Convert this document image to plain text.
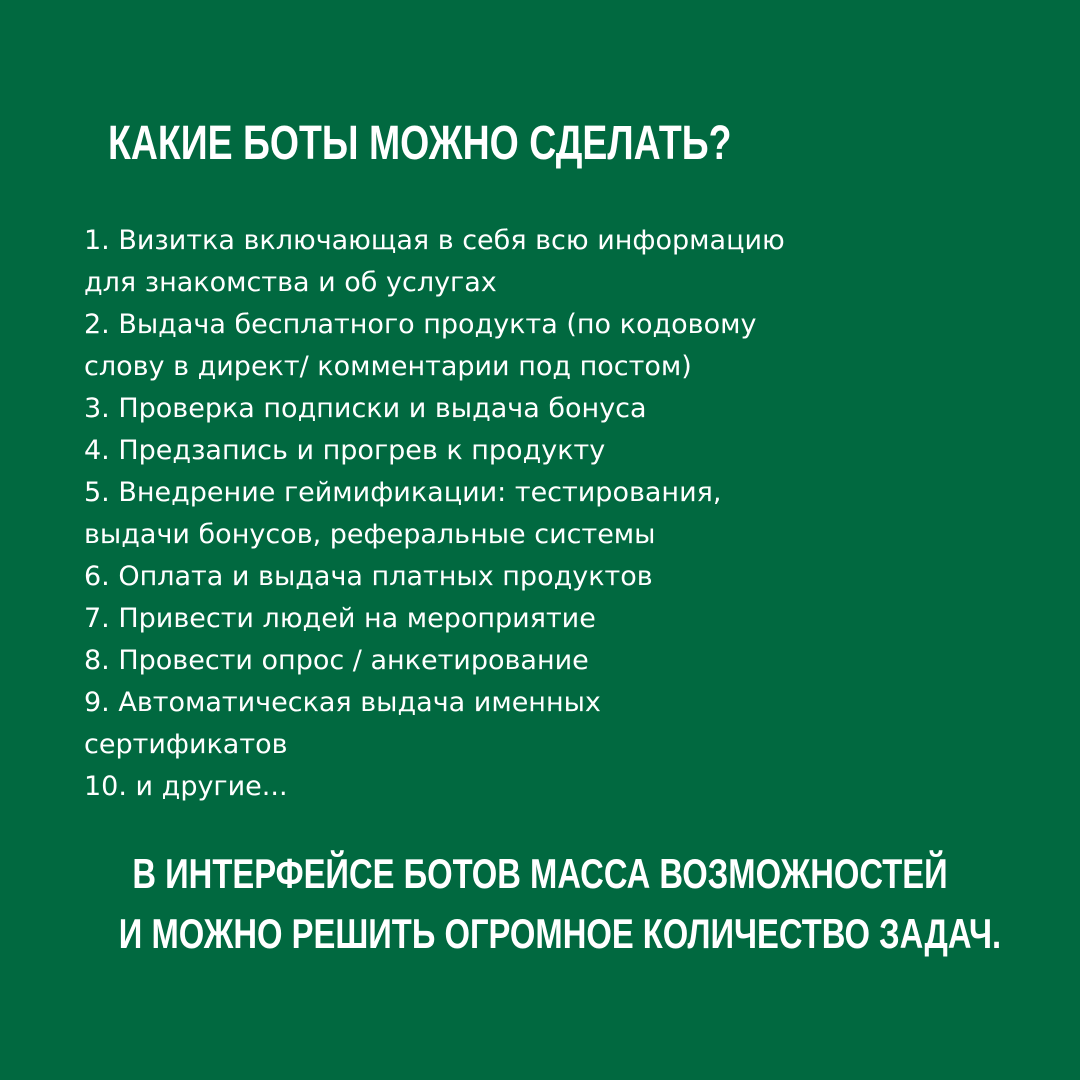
КАКИЕ БОТЫ МОЖНО СДЕЛАТЬ?
1. Визитка включающая в себя всю информацию
для знакомства и об услугах
2. Выдача бесплатного продукта (по кодовому
слову в директ/ комментарии под постом)
3. Проверка подписки и выдача бонуса
4. Предзапись и прогрев к продукту
5. Внедрение геймификации: тестирования,
выдачи бонусов, реферальные системы
6. Оплата и выдача платных продуктов
7. Привести людей на мероприятие
8. Провести опрос / анкетирование
9. Автоматическая выдача именных
сертификатов
10. и другие...
В ИНТЕРФЕЙСЕ БОТОВ МАССА ВОЗМОЖНОСТЕЙ
И МОЖНО РЕШИТЬ ОГРОМНОЕ КОЛИЧЕСТВО ЗАДАЧ.
